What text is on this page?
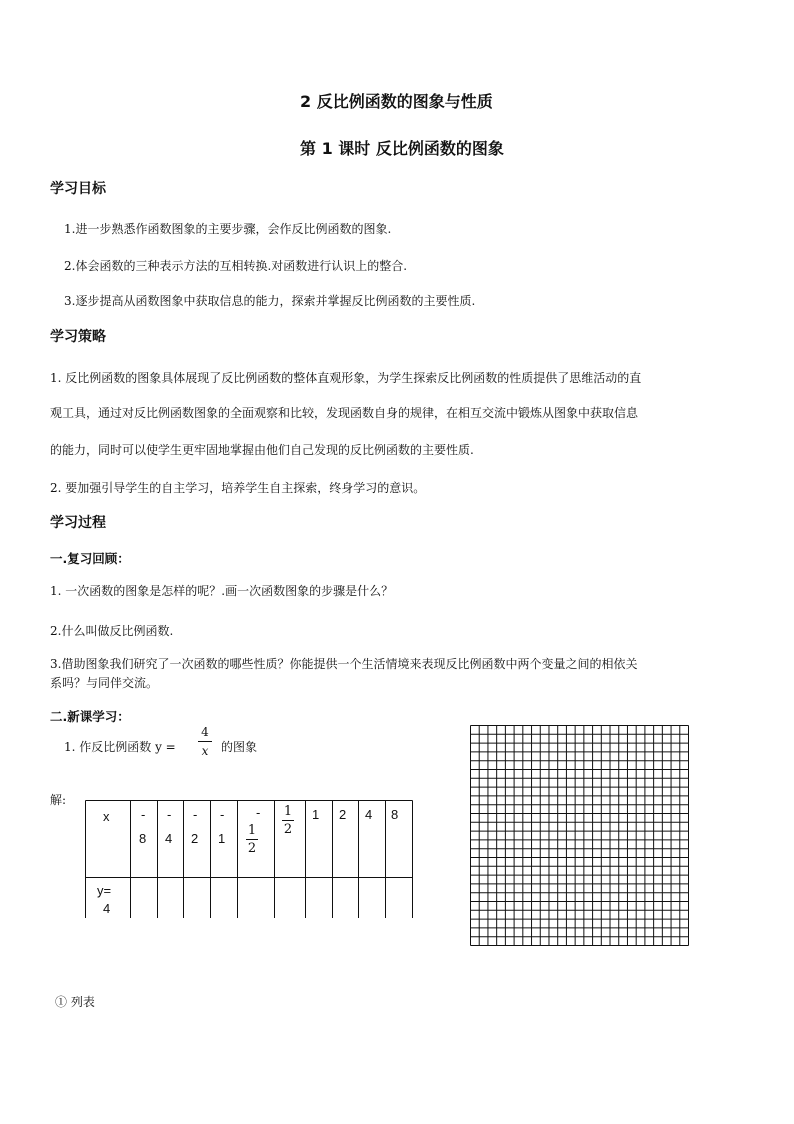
2 反比例函数的图象与性质
第 1 课时 反比例函数的图象
学习目标
1.进一步熟悉作函数图象的主要步骤，会作反比例函数的图象.
2.体会函数的三种表示方法的互相转换.对函数进行认识上的整合.
3.逐步提高从函数图象中获取信息的能力，探索并掌握反比例函数的主要性质.
学习策略
1. 反比例函数的图象具体展现了反比例函数的整体直观形象，为学生探索反比例函数的性质提供了思维活动的直
观工具，通过对反比例函数图象的全面观察和比较，发现函数自身的规律，在相互交流中锻炼从图象中获取信息
的能力，同时可以使学生更牢固地掌握由他们自己发现的反比例函数的主要性质.
2. 要加强引导学生的自主学习，培养学生自主探索，终身学习的意识。
学习过程
一.复习回顾：
1. 一次函数的图象是怎样的呢？.画一次函数图象的步骤是什么？
2.什么叫做反比例函数.
3.借助图象我们研究了一次函数的哪些性质？你能提供一个生活情境来表现反比例函数中两个变量之间的相依关
系吗？与同伴交流。
二.新课学习：
1. 作反比例函数 y =
4
x	的图象
解:
x -
8
-
4
-
2
-
1
-
1
2
1
2
1 2 4 8
y=
4
① 列表
